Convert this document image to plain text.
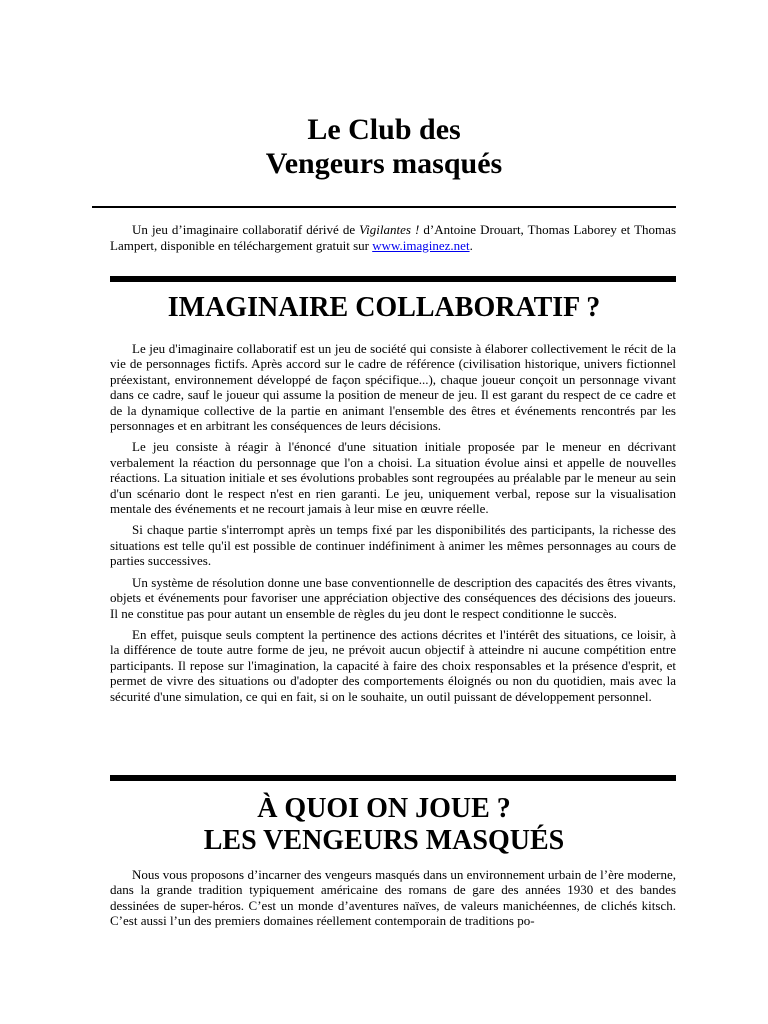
Le Club des
Vengeurs masqués

Un jeu d’imaginaire collaboratif dérivé de Vigilantes ! d’Antoine Drouart, Thomas Laborey et Thomas Lampert, disponible en téléchargement gratuit sur www.imaginez.net.

IMAGINAIRE COLLABORATIF ?

Le jeu d'imaginaire collaboratif est un jeu de société qui consiste à élaborer collectivement le récit de la vie de personnages fictifs. Après accord sur le cadre de référence (civilisation historique, univers fictionnel préexistant, environnement développé de façon spécifique...), chaque joueur conçoit un personnage vivant dans ce cadre, sauf le joueur qui assume la position de meneur de jeu. Il est garant du respect de ce cadre et de la dynamique collective de la partie en animant l'ensemble des êtres et événements rencontrés par les personnages et en arbitrant les conséquences de leurs décisions.

Le jeu consiste à réagir à l'énoncé d'une situation initiale proposée par le meneur en décrivant verbalement la réaction du personnage que l'on a choisi. La situation évolue ainsi et appelle de nouvelles réactions. La situation initiale et ses évolutions probables sont regroupées au préalable par le meneur au sein d'un scénario dont le respect n'est en rien garanti. Le jeu, uniquement verbal, repose sur la visualisation mentale des événements et ne recourt jamais à leur mise en œuvre réelle.

Si chaque partie s'interrompt après un temps fixé par les disponibilités des participants, la richesse des situations est telle qu'il est possible de continuer indéfiniment à animer les mêmes personnages au cours de parties successives.

Un système de résolution donne une base conventionnelle de description des capacités des êtres vivants, objets et événements pour favoriser une appréciation objective des conséquences des décisions des joueurs. Il ne constitue pas pour autant un ensemble de règles du jeu dont le respect conditionne le succès.

En effet, puisque seuls comptent la pertinence des actions décrites et l'intérêt des situations, ce loisir, à la différence de toute autre forme de jeu, ne prévoit aucun objectif à atteindre ni aucune compétition entre participants. Il repose sur l'imagination, la capacité à faire des choix responsables et la présence d'esprit, et permet de vivre des situations ou d'adopter des comportements éloignés ou non du quotidien, mais avec la sécurité d'une simulation, ce qui en fait, si on le souhaite, un outil puissant de développement personnel.

À QUOI ON JOUE ?
LES VENGEURS MASQUÉS

Nous vous proposons d’incarner des vengeurs masqués dans un environnement urbain de l’ère moderne, dans la grande tradition typiquement américaine des romans de gare des années 1930 et des bandes dessinées de super-héros. C’est un monde d’aventures naïves, de valeurs manichéennes, de clichés kitsch. C’est aussi l’un des premiers domaines réellement contemporain de traditions po-
